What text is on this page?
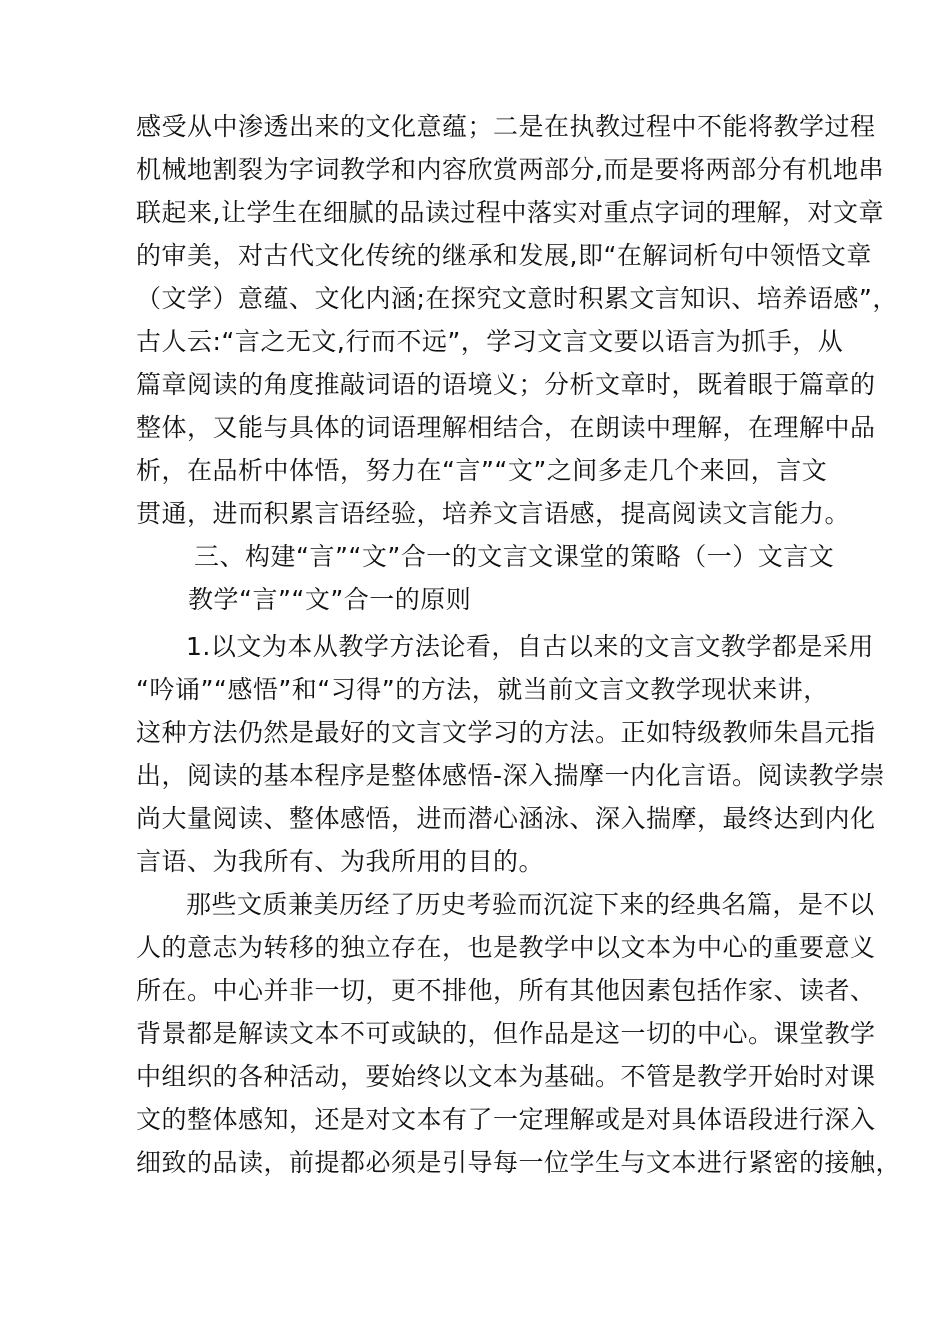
感受从中渗透出来的文化意蕴；二是在执教过程中不能将教学过程
机械地割裂为字词教学和内容欣赏两部分,而是要将两部分有机地串
联起来,让学生在细腻的品读过程中落实对重点字词的理解，对文章
的审美，对古代文化传统的继承和发展,即“在解词析句中领悟文章
（文学）意蕴、文化内涵;在探究文意时积累文言知识、培养语感”，
古人云:“言之无文,行而不远”，学习文言文要以语言为抓手，从
篇章阅读的角度推敲词语的语境义；分析文章时，既着眼于篇章的
整体，又能与具体的词语理解相结合，在朗读中理解，在理解中品
析，在品析中体悟，努力在“言”“文”之间多走几个来回，言文
贯通，进而积累言语经验，培养文言语感，提高阅读文言能力。
三、构建“言”“文”合一的文言文课堂的策略（一）文言文
教学“言”“文”合一的原则
1.以文为本从教学方法论看，自古以来的文言文教学都是采用
“吟诵”“感悟”和“习得”的方法，就当前文言文教学现状来讲，
这种方法仍然是最好的文言文学习的方法。正如特级教师朱昌元指
出，阅读的基本程序是整体感悟-深入揣摩一内化言语。阅读教学崇
尚大量阅读、整体感悟，进而潜心涵泳、深入揣摩，最终达到内化
言语、为我所有、为我所用的目的。
那些文质兼美历经了历史考验而沉淀下来的经典名篇，是不以
人的意志为转移的独立存在，也是教学中以文本为中心的重要意义
所在。中心并非一切，更不排他，所有其他因素包括作家、读者、
背景都是解读文本不可或缺的，但作品是这一切的中心。课堂教学
中组织的各种活动，要始终以文本为基础。不管是教学开始时对课
文的整体感知，还是对文本有了一定理解或是对具体语段进行深入
细致的品读，前提都必须是引导每一位学生与文本进行紧密的接触，
